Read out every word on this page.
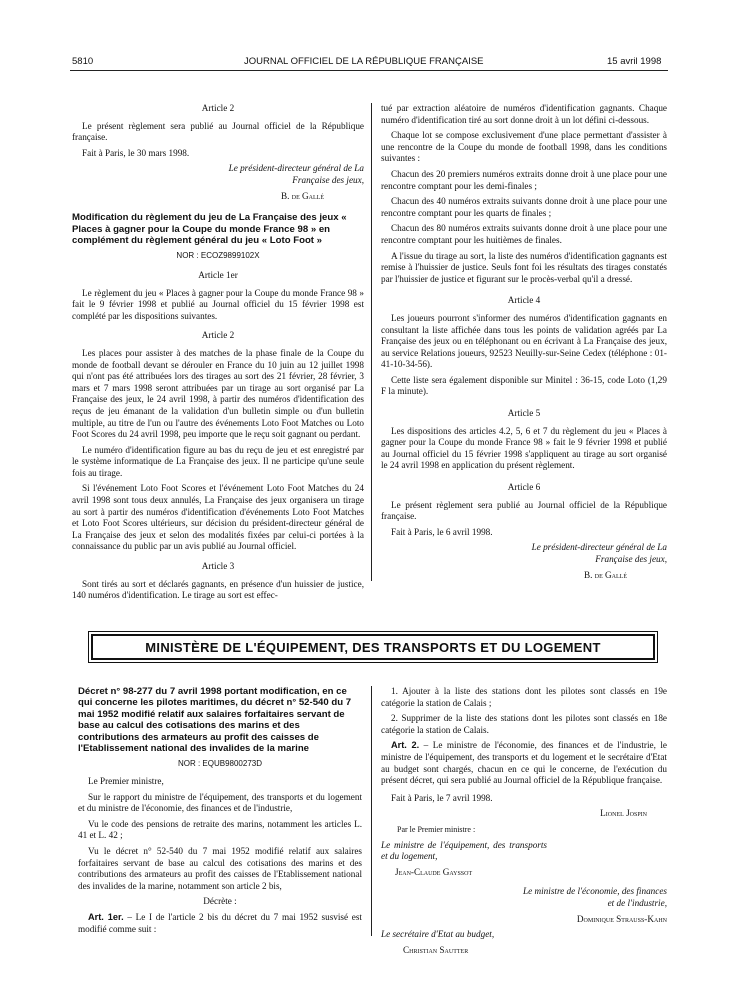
5810	JOURNAL OFFICIEL DE LA RÉPUBLIQUE FRANÇAISE	15 avril 1998

Article 2

Le présent règlement sera publié au Journal officiel de la République française.

Fait à Paris, le 30 mars 1998.

Le président-directeur général de La Française des jeux,

B. de Gallé

Modification du règlement du jeu de La Française des jeux « Places à gagner pour la Coupe du monde France 98 » en complément du règlement général du jeu « Loto Foot »

NOR : ECOZ9899102X

Article 1er

Le règlement du jeu « Places à gagner pour la Coupe du monde France 98 » fait le 9 février 1998 et publié au Journal officiel du 15 février 1998 est complété par les dispositions suivantes.

Article 2

Les places pour assister à des matches de la phase finale de la Coupe du monde de football devant se dérouler en France du 10 juin au 12 juillet 1998 qui n'ont pas été attribuées lors des tirages au sort des 21 février, 28 février, 3 mars et 7 mars 1998 seront attribuées par un tirage au sort organisé par La Française des jeux, le 24 avril 1998, à partir des numéros d'identification des reçus de jeu émanant de la validation d'un bulletin simple ou d'un bulletin multiple, au titre de l'un ou l'autre des événements Loto Foot Matches ou Loto Foot Scores du 24 avril 1998, peu importe que le reçu soit gagnant ou perdant.

Le numéro d'identification figure au bas du reçu de jeu et est enregistré par le système informatique de La Française des jeux. Il ne participe qu'une seule fois au tirage.

Si l'événement Loto Foot Scores et l'événement Loto Foot Matches du 24 avril 1998 sont tous deux annulés, La Française des jeux organisera un tirage au sort à partir des numéros d'identification d'événements Loto Foot Matches et Loto Foot Scores ultérieurs, sur décision du président-directeur général de La Française des jeux et selon des modalités fixées par celui-ci portées à la connaissance du public par un avis publié au Journal officiel.

Article 3

Sont tirés au sort et déclarés gagnants, en présence d'un huissier de justice, 140 numéros d'identification. Le tirage au sort est effec-

tué par extraction aléatoire de numéros d'identification gagnants. Chaque numéro d'identification tiré au sort donne droit à un lot défini ci-dessous.

Chaque lot se compose exclusivement d'une place permettant d'assister à une rencontre de la Coupe du monde de football 1998, dans les conditions suivantes :

Chacun des 20 premiers numéros extraits donne droit à une place pour une rencontre comptant pour les demi-finales ;

Chacun des 40 numéros extraits suivants donne droit à une place pour une rencontre comptant pour les quarts de finales ;

Chacun des 80 numéros extraits suivants donne droit à une place pour une rencontre comptant pour les huitièmes de finales.

A l'issue du tirage au sort, la liste des numéros d'identification gagnants est remise à l'huissier de justice. Seuls font foi les résultats des tirages constatés par l'huissier de justice et figurant sur le procès-verbal qu'il a dressé.

Article 4

Les joueurs pourront s'informer des numéros d'identification gagnants en consultant la liste affichée dans tous les points de validation agréés par La Française des jeux ou en téléphonant ou en écrivant à La Française des jeux, au service Relations joueurs, 92523 Neuilly-sur-Seine Cedex (téléphone : 01-41-10-34-56).

Cette liste sera également disponible sur Minitel : 36-15, code Loto (1,29 F la minute).

Article 5

Les dispositions des articles 4.2, 5, 6 et 7 du règlement du jeu « Places à gagner pour la Coupe du monde France 98 » fait le 9 février 1998 et publié au Journal officiel du 15 février 1998 s'appliquent au tirage au sort organisé le 24 avril 1998 en application du présent règlement.

Article 6

Le présent règlement sera publié au Journal officiel de la République française.

Fait à Paris, le 6 avril 1998.

Le président-directeur général de La Française des jeux,

B. de Gallé

MINISTÈRE DE L'ÉQUIPEMENT, DES TRANSPORTS ET DU LOGEMENT

Décret n° 98-277 du 7 avril 1998 portant modification, en ce qui concerne les pilotes maritimes, du décret n° 52-540 du 7 mai 1952 modifié relatif aux salaires forfaitaires servant de base au calcul des cotisations des marins et des contributions des armateurs au profit des caisses de l'Etablissement national des invalides de la marine

NOR : EQUB9800273D

Le Premier ministre,

Sur le rapport du ministre de l'équipement, des transports et du logement et du ministre de l'économie, des finances et de l'industrie,

Vu le code des pensions de retraite des marins, notamment les articles L. 41 et L. 42 ;

Vu le décret n° 52-540 du 7 mai 1952 modifié relatif aux salaires forfaitaires servant de base au calcul des cotisations des marins et des contributions des armateurs au profit des caisses de l'Etablissement national des invalides de la marine, notamment son article 2 bis,

Décrète :

Art. 1er. – Le I de l'article 2 bis du décret du 7 mai 1952 susvisé est modifié comme suit :

1. Ajouter à la liste des stations dont les pilotes sont classés en 19e catégorie la station de Calais ;

2. Supprimer de la liste des stations dont les pilotes sont classés en 18e catégorie la station de Calais.

Art. 2. – Le ministre de l'économie, des finances et de l'industrie, le ministre de l'équipement, des transports et du logement et le secrétaire d'Etat au budget sont chargés, chacun en ce qui le concerne, de l'exécution du présent décret, qui sera publié au Journal officiel de la République française.

Fait à Paris, le 7 avril 1998.

Lionel Jospin

Par le Premier ministre :

Le ministre de l'équipement, des transports et du logement,

Jean-Claude Gayssot

Le ministre de l'économie, des finances et de l'industrie,

Dominique Strauss-Kahn

Le secrétaire d'Etat au budget,

Christian Sautter
